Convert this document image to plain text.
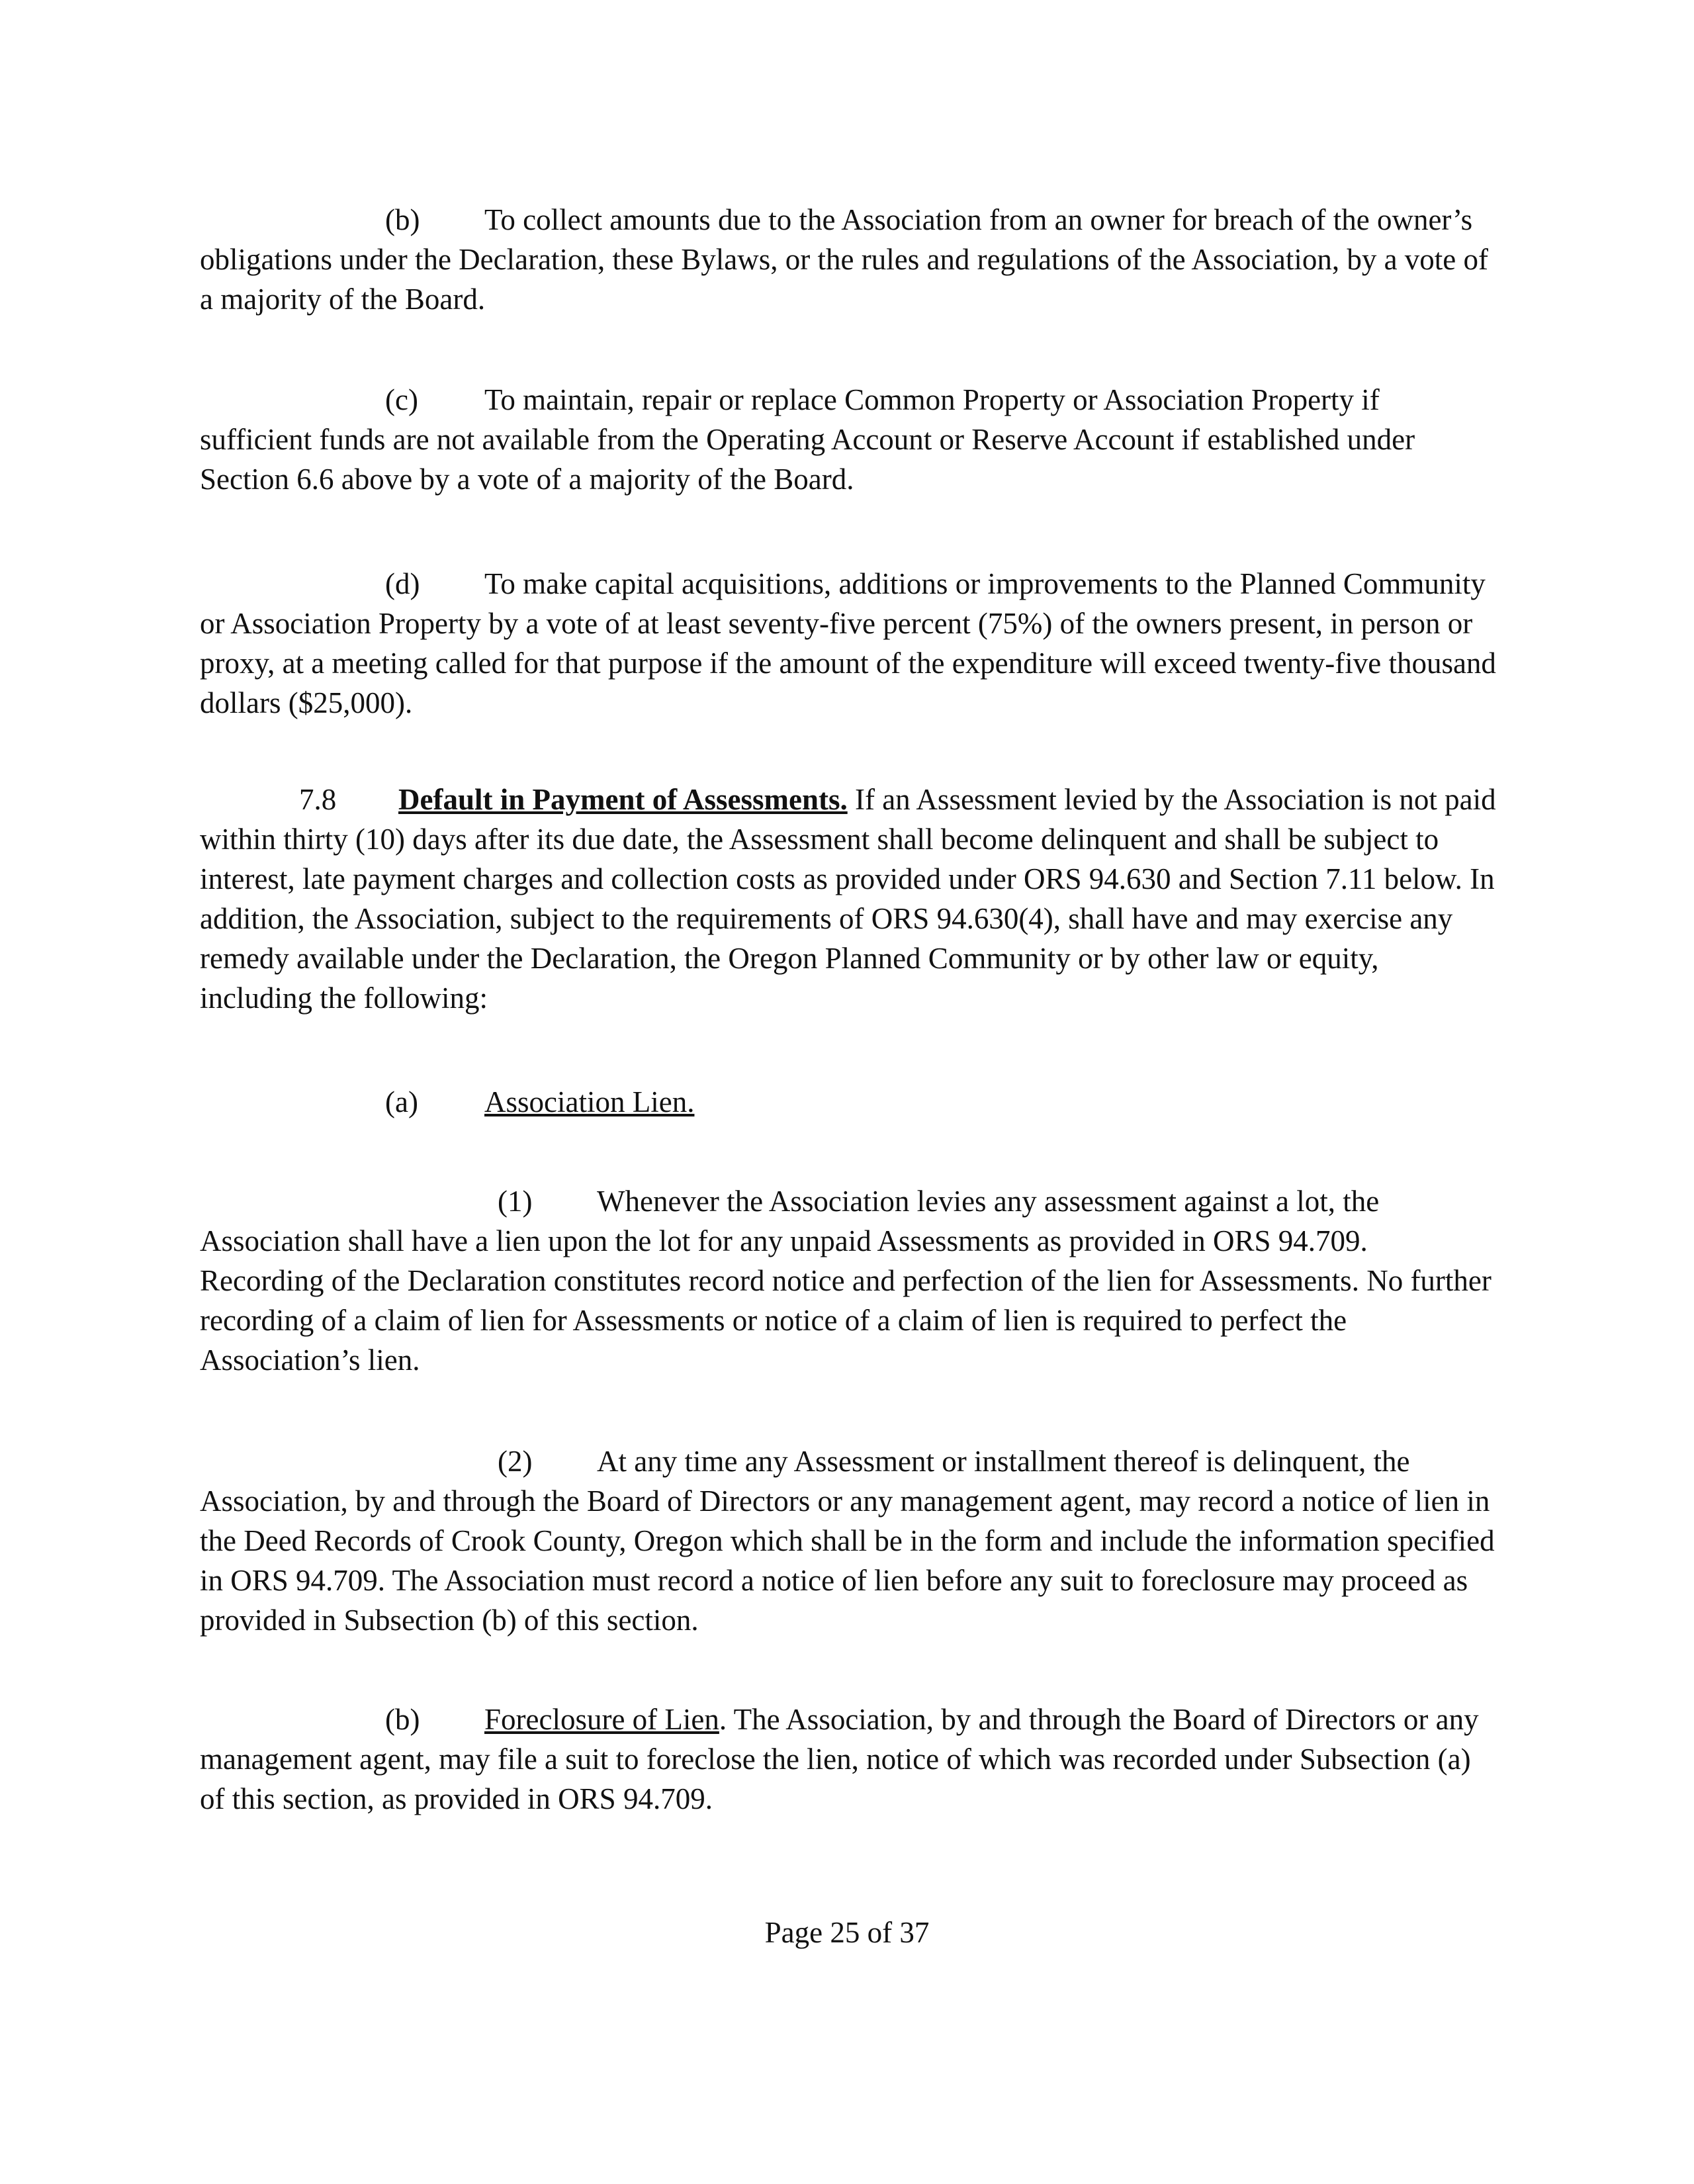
(b) To collect amounts due to the Association from an owner for breach of the owner’s obligations under the Declaration, these Bylaws, or the rules and regulations of the Association, by a vote of a majority of the Board.

(c) To maintain, repair or replace Common Property or Association Property if sufficient funds are not available from the Operating Account or Reserve Account if established under Section 6.6 above by a vote of a majority of the Board.

(d) To make capital acquisitions, additions or improvements to the Planned Community or Association Property by a vote of at least seventy-five percent (75%) of the owners present, in person or proxy, at a meeting called for that purpose if the amount of the expenditure will exceed twenty-five thousand dollars ($25,000).

7.8 Default in Payment of Assessments. If an Assessment levied by the Association is not paid within thirty (10) days after its due date, the Assessment shall become delinquent and shall be subject to interest, late payment charges and collection costs as provided under ORS 94.630 and Section 7.11 below. In addition, the Association, subject to the requirements of ORS 94.630(4), shall have and may exercise any remedy available under the Declaration, the Oregon Planned Community or by other law or equity, including the following:

(a) Association Lien.

(1) Whenever the Association levies any assessment against a lot, the Association shall have a lien upon the lot for any unpaid Assessments as provided in ORS 94.709. Recording of the Declaration constitutes record notice and perfection of the lien for Assessments. No further recording of a claim of lien for Assessments or notice of a claim of lien is required to perfect the Association’s lien.

(2) At any time any Assessment or installment thereof is delinquent, the Association, by and through the Board of Directors or any management agent, may record a notice of lien in the Deed Records of Crook County, Oregon which shall be in the form and include the information specified in ORS 94.709. The Association must record a notice of lien before any suit to foreclosure may proceed as provided in Subsection (b) of this section.

(b) Foreclosure of Lien. The Association, by and through the Board of Directors or any management agent, may file a suit to foreclose the lien, notice of which was recorded under Subsection (a) of this section, as provided in ORS 94.709.

Page 25 of 37
